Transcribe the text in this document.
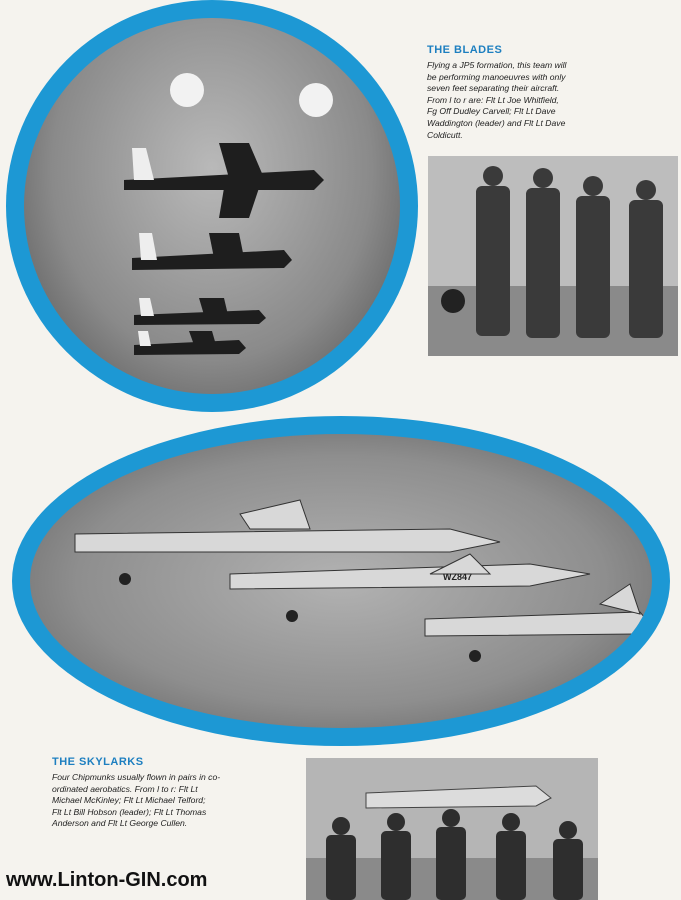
THE BLADES

Flying a JP5 formation, this team will
be performing manoeuvres with only
seven feet separating their aircraft.
From l to r are: Flt Lt Joe Whitfield,
Fg Off Dudley Carvell; Flt Lt Dave
Waddington (leader) and Flt Lt Dave
Coldicutt.

WZ847
THE SKYLARKS

Four Chipmunks usually flown in pairs in co-
ordinated aerobatics. From l to r: Flt Lt
Michael McKinley; Flt Lt Michael Telford;
Flt Lt Bill Hobson (leader); Flt Lt Thomas
Anderson and Flt Lt George Cullen.

www.Linton-GIN.com
